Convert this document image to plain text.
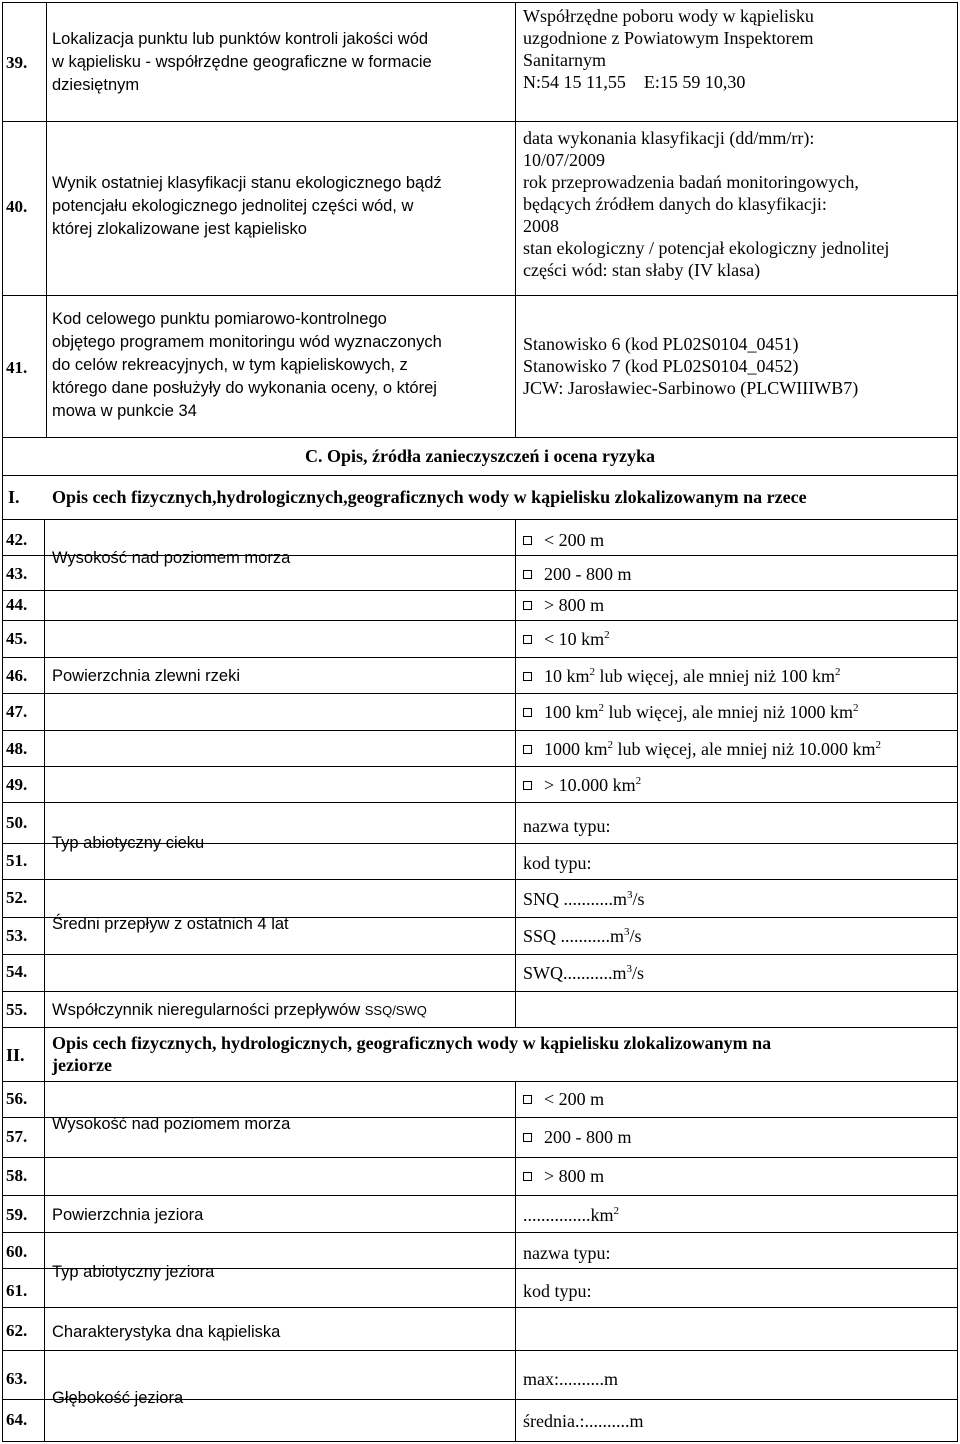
39.
Lokalizacja punktu lub punktów kontroli jakości wód
w kąpielisku - współrzędne geograficzne w formacie
dziesiętnym
Współrzędne poboru wody w kąpielisku
uzgodnione z Powiatowym Inspektorem
Sanitarnym
N:54 15 11,55    E:15 59 10,30
40.
Wynik ostatniej klasyfikacji stanu ekologicznego bądź
potencjału ekologicznego jednolitej części wód, w
której zlokalizowane jest kąpielisko
data wykonania klasyfikacji (dd/mm/rr):
10/07/2009
rok przeprowadzenia badań monitoringowych,
będących źródłem danych do klasyfikacji:
2008
stan ekologiczny / potencjał ekologiczny jednolitej
części wód: stan słaby (IV klasa)
41.
Kod celowego punktu pomiarowo-kontrolnego
objętego programem monitoringu wód wyznaczonych
do celów rekreacyjnych, w tym kąpieliskowych, z
którego dane posłużyły do wykonania oceny, o której
mowa w punkcie 34
Stanowisko 6 (kod PL02S0104_0451)
Stanowisko 7 (kod PL02S0104_0452)
JCW: Jarosławiec-Sarbinowo (PLCWIIIWB7)
C. Opis, źródła zanieczyszczeń i ocena ryzyka
I. Opis cech fizycznych,hydrologicznych,geograficznych wody w kąpielisku zlokalizowanym na rzece
42.
43.
44.
45.
46.
47.
48.
49.
50.
51.
52.
53.
54.
55.
Wysokość nad poziomem morza
Powierzchnia zlewni rzeki
Typ abiotyczny cieku
Średni przepływ z ostatnich 4 lat
Współczynnik nieregularności przepływów SSQ/SWQ
< 200 m
200 - 800 m
> 800 m
< 10 $km^2$
10 $km^2$ lub więcej, ale mniej niż 100 $km^2$
100 $km^2$ lub więcej, ale mniej niż 1000 $km^2$
1000 $km^2$ lub więcej, ale mniej niż 10.000 $km^2$
> 10.000 $km^2$
nazwa typu:
kod typu:
SNQ $...........m^3/s$
SSQ $...........m^3/s$
$SWQ...........m^3/s$
II.
Opis cech fizycznych, hydrologicznych, geograficznych wody w kąpielisku zlokalizowanym na
jeziorze
56.
57.
58.
59.
60.
61.
62.
63.
64.
Wysokość nad poziomem morza
Powierzchnia jeziora
Typ abiotyczny jeziora
Charakterystyka dna kąpieliska
Głębokość jeziora
< 200 m
200 - 800 m
> 800 m
$...............km^2$
nazwa typu:
kod typu:
max:..........m
średnia.:..........m
